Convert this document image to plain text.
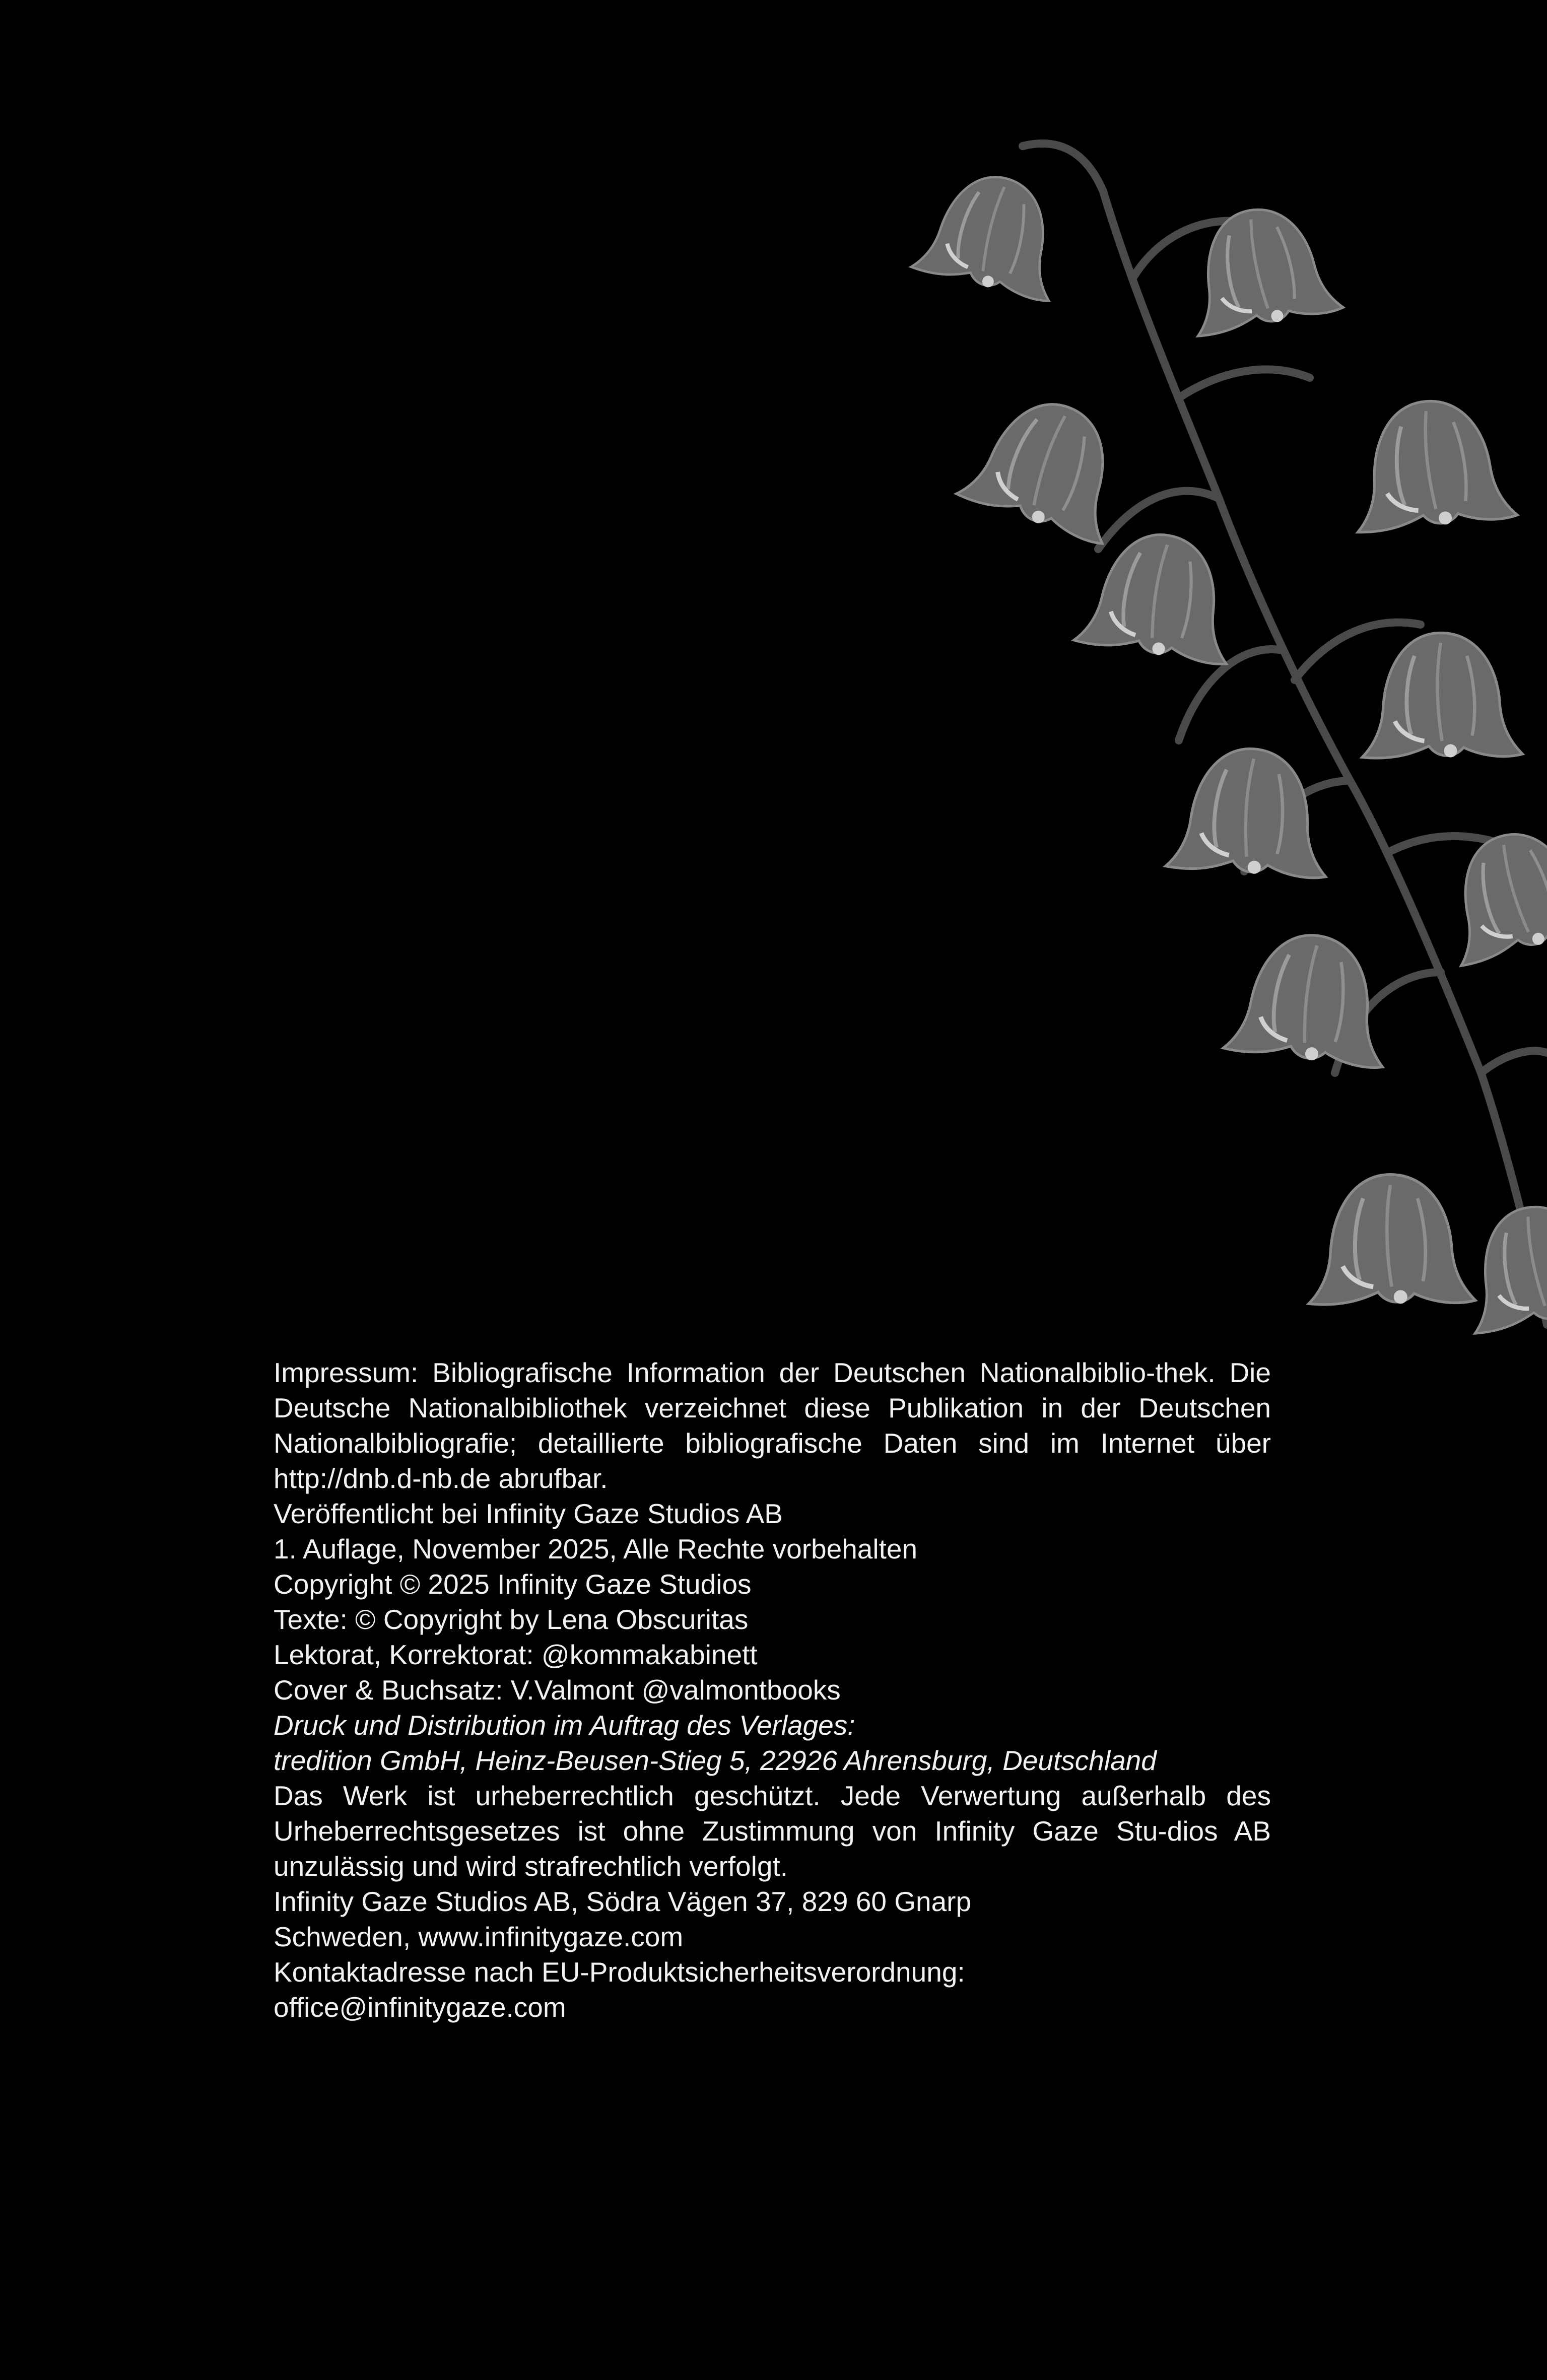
Impressum: Bibliografische Information der Deutschen Nationalbiblio-thek. Die Deutsche Nationalbibliothek verzeichnet diese Publikation in der Deutschen Nationalbibliografie; detaillierte bibliografische Daten sind im Internet über http://dnb.d-nb.de abrufbar.

Veröffentlicht bei Infinity Gaze Studios AB
1. Auflage, November 2025, Alle Rechte vorbehalten
Copyright © 2025 Infinity Gaze Studios
Texte: © Copyright by Lena Obscuritas
Lektorat, Korrektorat: @kommakabinett
Cover & Buchsatz: V.Valmont @valmontbooks
Druck und Distribution im Auftrag des Verlages:
tredition GmbH, Heinz-Beusen-Stieg 5, 22926 Ahrensburg, Deutschland

Das Werk ist urheberrechtlich geschützt. Jede Verwertung außerhalb des Urheberrechtsgesetzes ist ohne Zustimmung von Infinity Gaze Stu-dios AB unzulässig und wird strafrechtlich verfolgt.

Infinity Gaze Studios AB, Södra Vägen 37, 829 60 Gnarp
Schweden, www.infinitygaze.com
Kontaktadresse nach EU-Produktsicherheitsverordnung:
office@infinitygaze.com
